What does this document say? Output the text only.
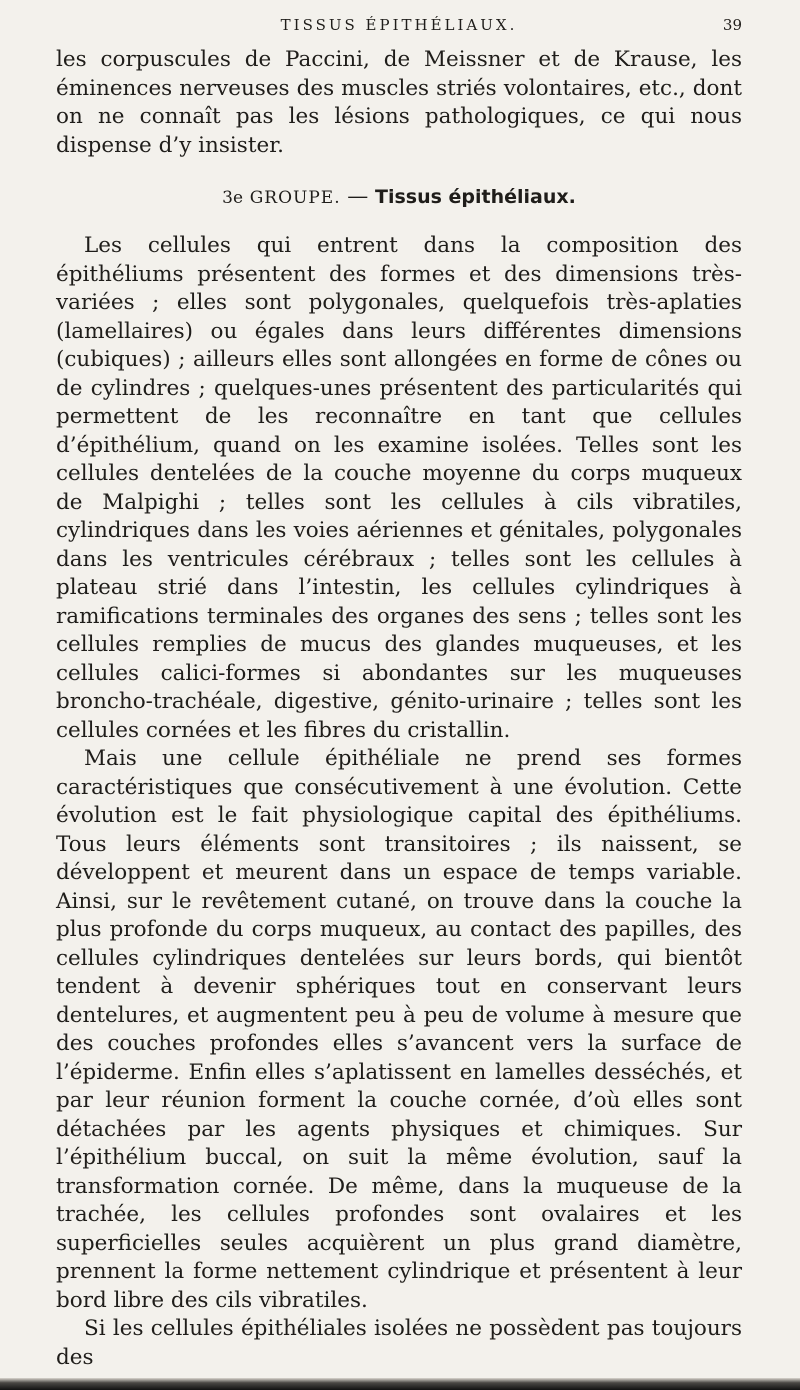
TISSUS ÉPITHÉLIAUX.	39

les corpuscules de Paccini, de Meissner et de Krause, les éminences nerveuses des muscles striés volontaires, etc., dont on ne connaît pas les lésions pathologiques, ce qui nous dispense d’y insister.

3e GROUPE. — Tissus épithéliaux.

Les cellules qui entrent dans la composition des épithéliums présentent des formes et des dimensions très-variées ; elles sont polygonales, quelquefois très-aplaties (lamellaires) ou égales dans leurs différentes dimensions (cubiques) ; ailleurs elles sont allongées en forme de cônes ou de cylindres ; quelques-unes présentent des particularités qui permettent de les reconnaître en tant que cellules d’épithélium, quand on les examine isolées. Telles sont les cellules dentelées de la couche moyenne du corps muqueux de Malpighi ; telles sont les cellules à cils vibratiles, cylindriques dans les voies aériennes et génitales, polygonales dans les ventricules cérébraux ; telles sont les cellules à plateau strié dans l’intestin, les cellules cylindriques à ramifications terminales des organes des sens ; telles sont les cellules remplies de mucus des glandes muqueuses, et les cellules calici-formes si abondantes sur les muqueuses broncho-trachéale, digestive, génito-urinaire ; telles sont les cellules cornées et les fibres du cristallin.

Mais une cellule épithéliale ne prend ses formes caractéristiques que consécutivement à une évolution. Cette évolution est le fait physiologique capital des épithéliums. Tous leurs éléments sont transitoires ; ils naissent, se développent et meurent dans un espace de temps variable. Ainsi, sur le revêtement cutané, on trouve dans la couche la plus profonde du corps muqueux, au contact des papilles, des cellules cylindriques dentelées sur leurs bords, qui bientôt tendent à devenir sphériques tout en conservant leurs dentelures, et augmentent peu à peu de volume à mesure que des couches profondes elles s’avancent vers la surface de l’épiderme. Enfin elles s’aplatissent en lamelles desséchés, et par leur réunion forment la couche cornée, d’où elles sont détachées par les agents physiques et chimiques. Sur l’épithélium buccal, on suit la même évolution, sauf la transformation cornée. De même, dans la muqueuse de la trachée, les cellules profondes sont ovalaires et les superficielles seules acquièrent un plus grand diamètre, prennent la forme nettement cylindrique et présentent à leur bord libre des cils vibratiles.

Si les cellules épithéliales isolées ne possèdent pas toujours des
